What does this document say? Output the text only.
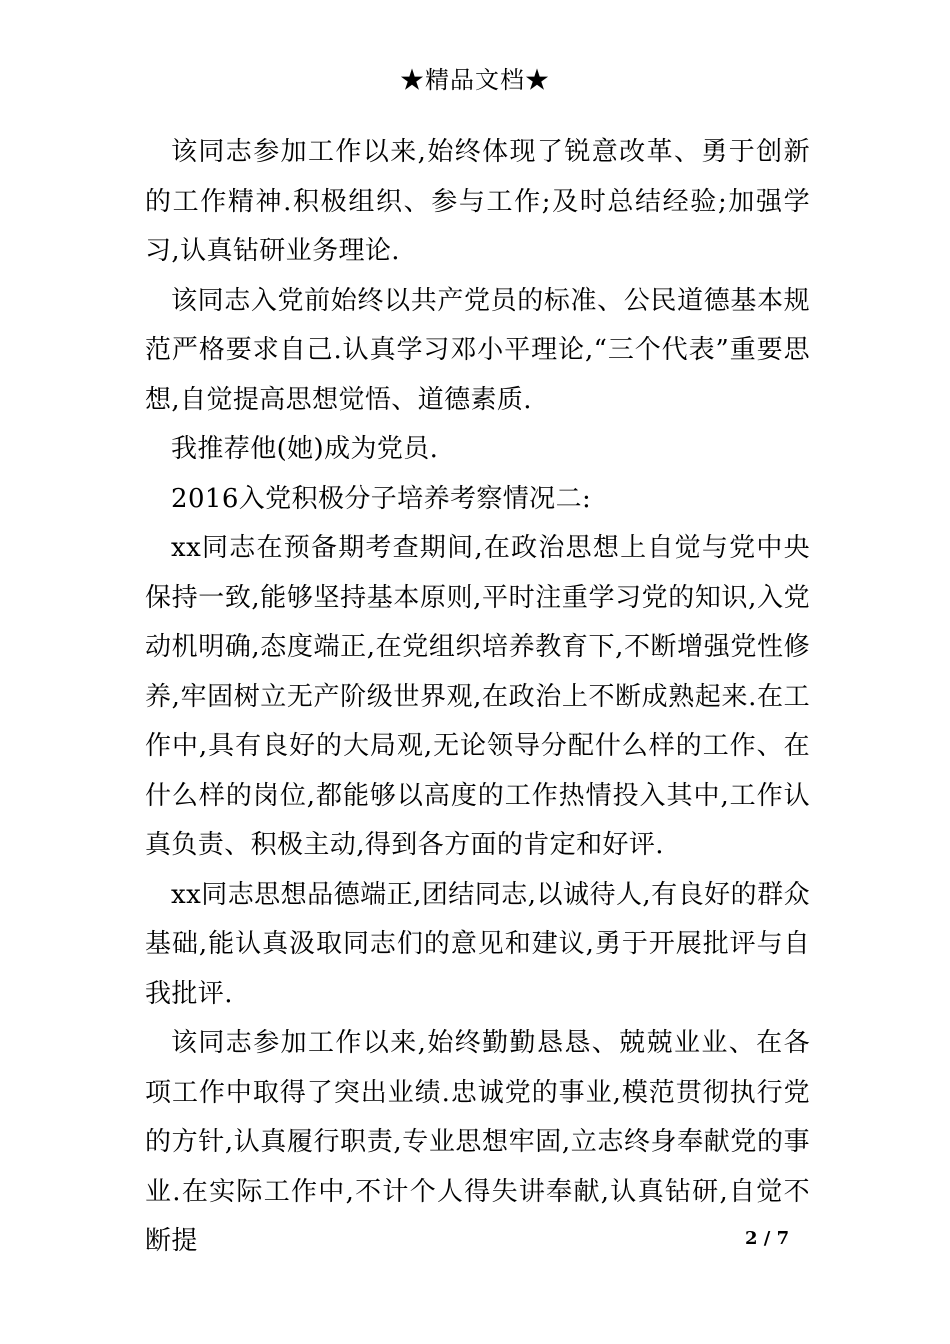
★精品文档★

该同志参加工作以来,始终体现了锐意改革、勇于创新的工作精神.积极组织、参与工作;及时总结经验;加强学习,认真钻研业务理论.

该同志入党前始终以共产党员的标准、公民道德基本规范严格要求自己.认真学习邓小平理论,“三个代表”重要思想,自觉提高思想觉悟、道德素质.

我推荐他(她)成为党员.

2016入党积极分子培养考察情况二:

xx同志在预备期考查期间,在政治思想上自觉与党中央保持一致,能够坚持基本原则,平时注重学习党的知识,入党动机明确,态度端正,在党组织培养教育下,不断增强党性修养,牢固树立无产阶级世界观,在政治上不断成熟起来.在工作中,具有良好的大局观,无论领导分配什么样的工作、在什么样的岗位,都能够以高度的工作热情投入其中,工作认真负责、积极主动,得到各方面的肯定和好评.

xx同志思想品德端正,团结同志,以诚待人,有良好的群众基础,能认真汲取同志们的意见和建议,勇于开展批评与自我批评.

该同志参加工作以来,始终勤勤恳恳、兢兢业业、在各项工作中取得了突出业绩.忠诚党的事业,模范贯彻执行党的方针,认真履行职责,专业思想牢固,立志终身奉献党的事业.在实际工作中,不计个人得失讲奉献,认真钻研,自觉不断提	2 / 7
